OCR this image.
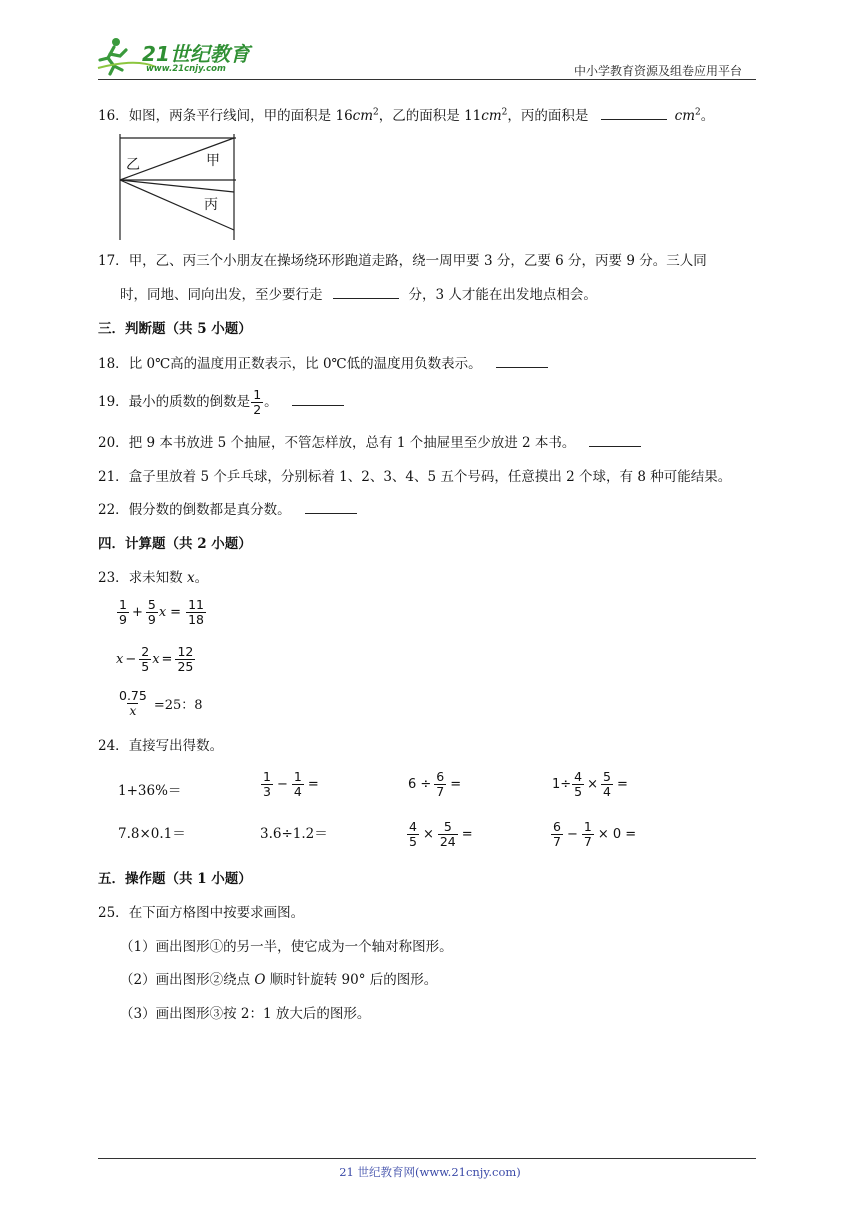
21世纪教育
www.21cnjy.com	中小学教育资源及组卷应用平台
16．如图，两条平行线间，甲的面积是 $16cm^2$，乙的面积是 $11cm^2$，丙的面积是	$cm^2$。
乙	甲
丙
17．甲，乙、丙三个小朋友在操场绕环形跑道走路，绕一周甲要 3 分，乙要 6 分，丙要 9 分。三人同
时，同地、同向出发，至少要行走	分，3 人才能在出发地点相会。
三．判断题（共 5 小题）
18．比 0℃高的温度用正数表示，比 0℃低的温度用负数表示。
19．最小的质数的倒数是 $\frac{1}{2}$ 。
20．把 9 本书放进 5 个抽屉，不管怎样放，总有 1 个抽屉里至少放进 2 本书。
21．盒子里放着 5 个乒乓球，分别标着 1、2、3、4、5 五个号码，任意摸出 2 个球，有 8 种可能结果。
22．假分数的倒数都是真分数。
四．计算题（共 2 小题）
23．求未知数 x。
$\frac{1}{9} + \frac{5}{9}$ $x = \frac{11}{18}$
$x - \frac{2}{5}$ $x = \frac{12}{25}$
$\frac{0.75}{x} =25$：8
24．直接写出得数。
1+36%＝	$\frac{1}{3} - \frac{1}{4}$ =	$6 \div \frac{6}{7}$ =	$1\div \frac{4}{5} \times \frac{5}{4}$ =
7.8×0.1＝	3.6÷1.2＝	$\frac{4}{5} \times \frac{5}{24}$ =	$\frac{6}{7} - \frac{1}{7} \times 0$ =
五．操作题（共 1 小题）
25．在下面方格图中按要求画图。
（1）画出图形①的另一半，使它成为一个轴对称图形。
（2）画出图形②绕点 O 顺时针旋转 90° 后的图形。
（3）画出图形③按 2：1 放大后的图形。
21 世纪教育网(www.21cnjy.com)
